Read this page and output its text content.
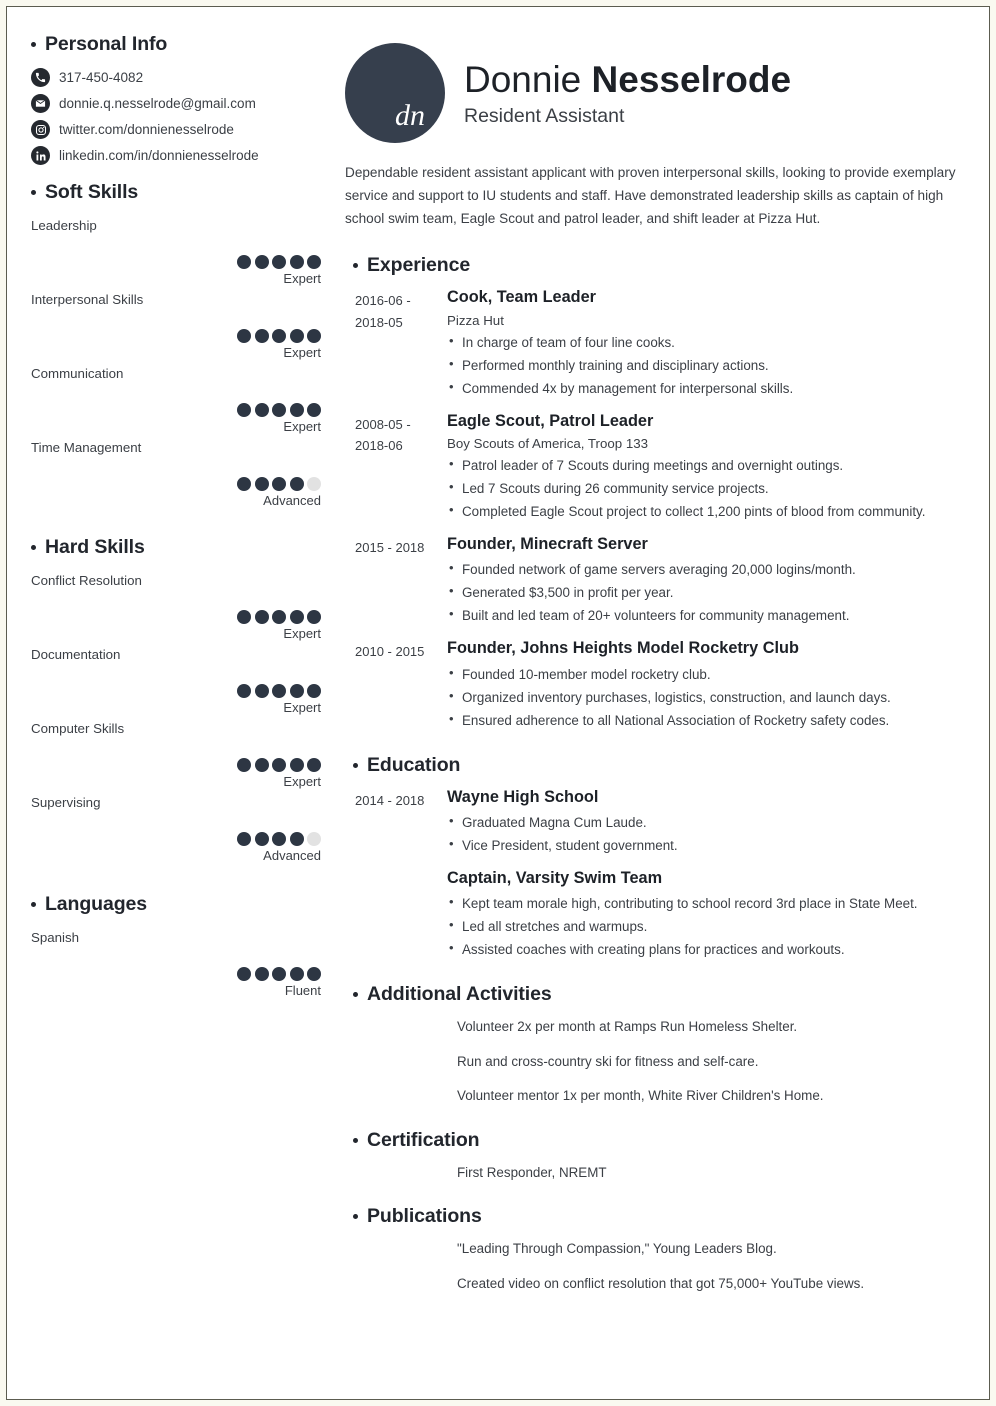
Personal Info
317-450-4082
donnie.q.nesselrode@gmail.com
twitter.com/donnienesselrode
linkedin.com/in/donnienesselrode
Soft Skills
Leadership
Expert
Interpersonal Skills
Expert
Communication
Expert
Time Management
Advanced
Hard Skills
Conflict Resolution
Expert
Documentation
Expert
Computer Skills
Expert
Supervising
Advanced
Languages
Spanish
Fluent
dn
Donnie Nesselrode
Resident Assistant

Dependable resident assistant applicant with proven interpersonal skills, looking to provide exemplary service and support to IU students and staff. Have demonstrated leadership skills as captain of high school swim team, Eagle Scout and patrol leader, and shift leader at Pizza Hut.

Experience
2016-06 - 2018-05
Cook, Team Leader
Pizza Hut
• In charge of team of four line cooks.
• Performed monthly training and disciplinary actions.
• Commended 4x by management for interpersonal skills.
2008-05 - 2018-06
Eagle Scout, Patrol Leader
Boy Scouts of America, Troop 133
• Patrol leader of 7 Scouts during meetings and overnight outings.
• Led 7 Scouts during 26 community service projects.
• Completed Eagle Scout project to collect 1,200 pints of blood from community.
2015 - 2018	Founder, Minecraft Server
• Founded network of game servers averaging 20,000 logins/month.
• Generated $3,500 in profit per year.
• Built and led team of 20+ volunteers for community management.
2010 - 2015	Founder, Johns Heights Model Rocketry Club
• Founded 10-member model rocketry club.
• Organized inventory purchases, logistics, construction, and launch days.
• Ensured adherence to all National Association of Rocketry safety codes.
Education
2014 - 2018	Wayne High School
• Graduated Magna Cum Laude.
• Vice President, student government.
Captain, Varsity Swim Team
• Kept team morale high, contributing to school record 3rd place in State Meet.
• Led all stretches and warmups.
• Assisted coaches with creating plans for practices and workouts.
Additional Activities

Volunteer 2x per month at Ramps Run Homeless Shelter.

Run and cross-country ski for fitness and self-care.

Volunteer mentor 1x per month, White River Children's Home.

Certification

First Responder, NREMT

Publications

"Leading Through Compassion," Young Leaders Blog.

Created video on conflict resolution that got 75,000+ YouTube views.
